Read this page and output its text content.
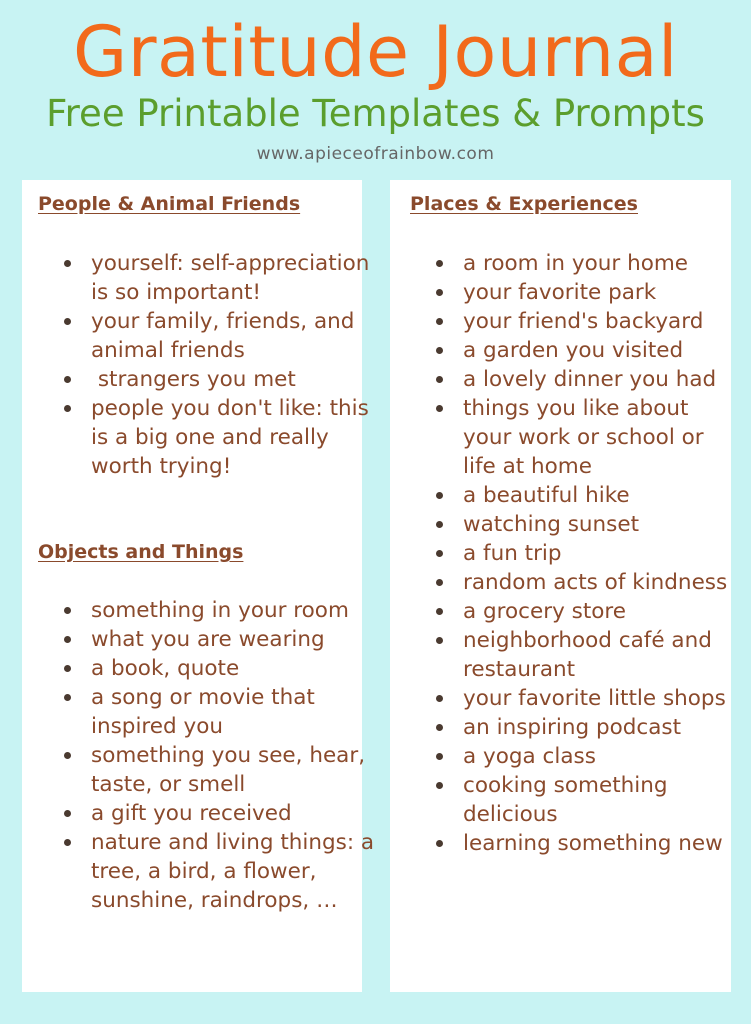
Gratitude Journal
Free Printable Templates & Prompts
www.apieceofrainbow.com
People & Animal Friends
yourself: self-appreciation is so important!
your family, friends, and animal friends
strangers you met
people you don't like: this is a big one and really worth trying!
Objects and Things
something in your room
what you are wearing
a book, quote
a song or movie that inspired you
something you see, hear, taste, or smell
a gift you received
nature and living things: a tree, a bird, a flower, sunshine, raindrops, …
Places & Experiences
a room in your home
your favorite park
your friend's backyard
a garden you visited
a lovely dinner you had
things you like about your work or school or life at home
a beautiful hike
watching sunset
a fun trip
random acts of kindness
a grocery store
neighborhood café and restaurant
your favorite little shops
an inspiring podcast
a yoga class
cooking something delicious
learning something new
